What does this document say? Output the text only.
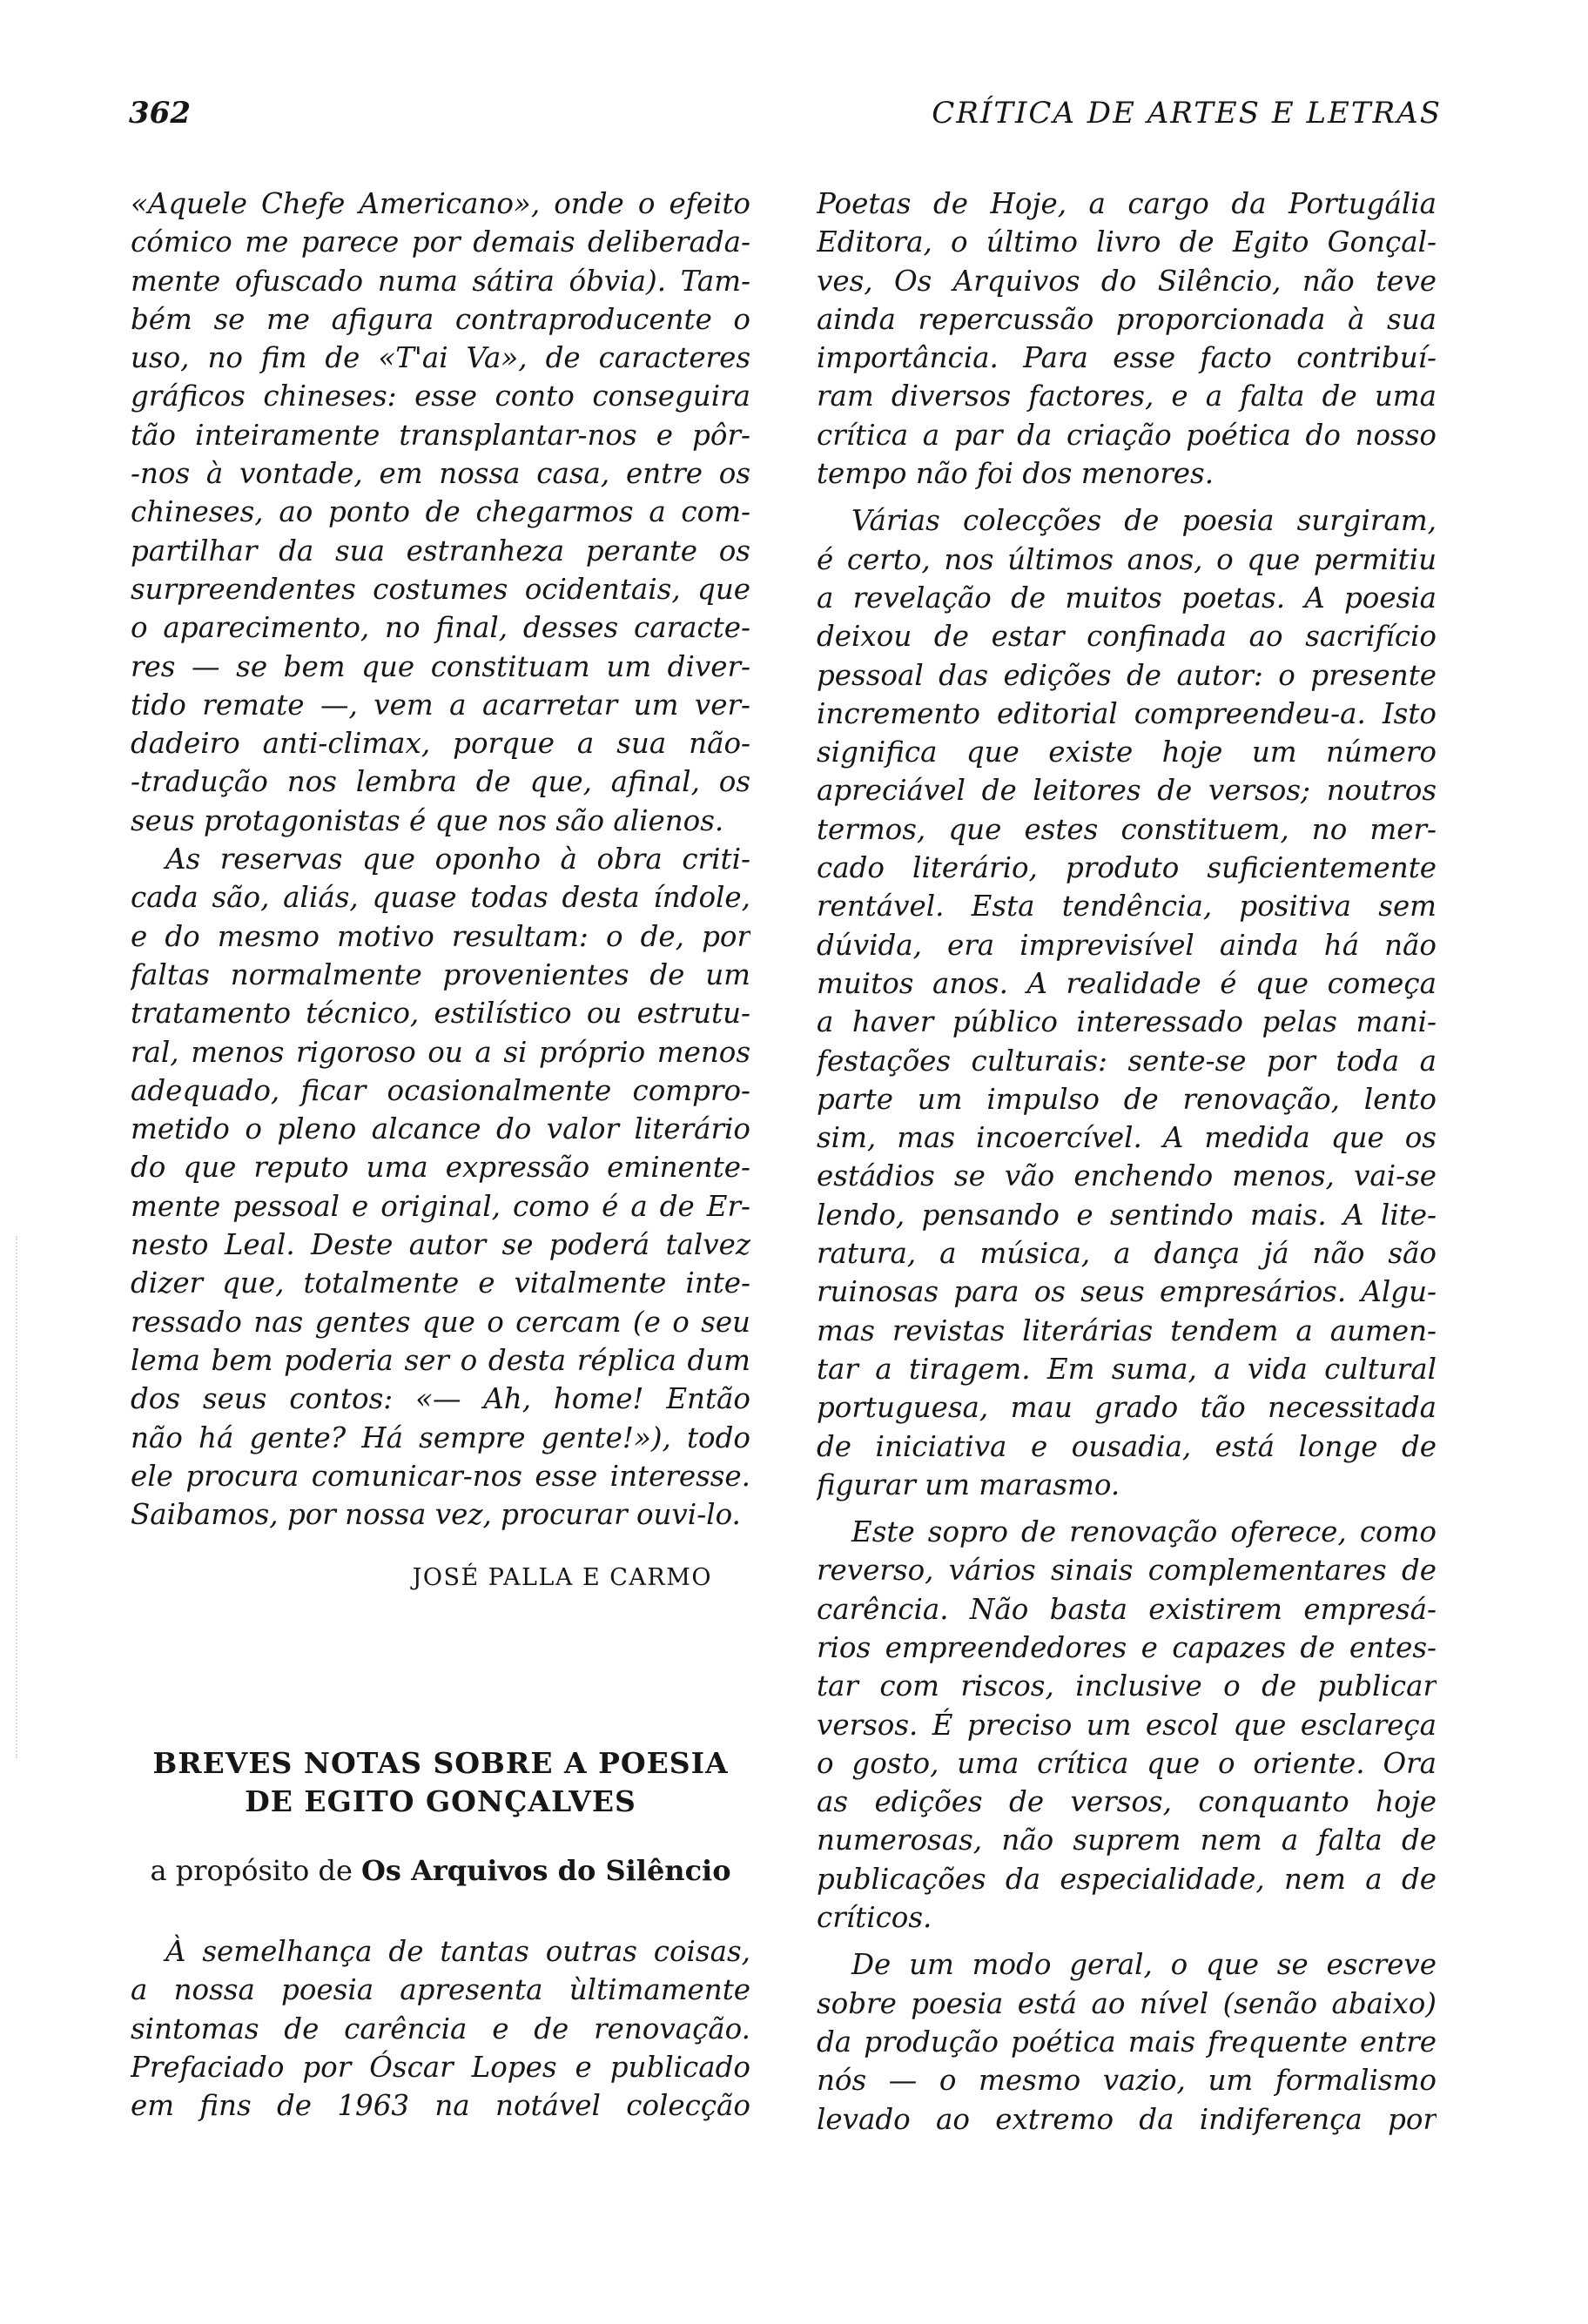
362	CRÍTICA DE ARTES E LETRAS
«Aquele Chefe Americano», onde o efeito
cómico me parece por demais deliberada-
mente ofuscado numa sátira óbvia). Tam-
bém se me afigura contraproducente o
uso, no fim de «T'ai Va», de caracteres
gráficos chineses: esse conto conseguira
tão inteiramente transplantar-nos e pôr-
-nos à vontade, em nossa casa, entre os
chineses, ao ponto de chegarmos a com-
partilhar da sua estranheza perante os
surpreendentes costumes ocidentais, que
o aparecimento, no final, desses caracte-
res — se bem que constituam um diver-
tido remate —, vem a acarretar um ver-
dadeiro anti-climax, porque a sua não-
-tradução nos lembra de que, afinal, os
seus protagonistas é que nos são alienos.
As reservas que oponho à obra criti-
cada são, aliás, quase todas desta índole,
e do mesmo motivo resultam: o de, por
faltas normalmente provenientes de um
tratamento técnico, estilístico ou estrutu-
ral, menos rigoroso ou a si próprio menos
adequado, ficar ocasionalmente compro-
metido o pleno alcance do valor literário
do que reputo uma expressão eminente-
mente pessoal e original, como é a de Er-
nesto Leal. Deste autor se poderá talvez
dizer que, totalmente e vitalmente inte-
ressado nas gentes que o cercam (e o seu
lema bem poderia ser o desta réplica dum
dos seus contos: «— Ah, home! Então
não há gente? Há sempre gente!»), todo
ele procura comunicar-nos esse interesse.
Saibamos, por nossa vez, procurar ouvi-lo.
JOSÉ PALLA E CARMO
BREVES NOTAS SOBRE A POESIA
DE EGITO GONÇALVES
a propósito de Os Arquivos do Silêncio
À semelhança de tantas outras coisas,
a nossa poesia apresenta ùltimamente
sintomas de carência e de renovação.
Prefaciado por Óscar Lopes e publicado
em fins de 1963 na notável colecção
Poetas de Hoje, a cargo da Portugália
Editora, o último livro de Egito Gonçal-
ves, Os Arquivos do Silêncio, não teve
ainda repercussão proporcionada à sua
importância. Para esse facto contribuí-
ram diversos factores, e a falta de uma
crítica a par da criação poética do nosso
tempo não foi dos menores.
Várias colecções de poesia surgiram,
é certo, nos últimos anos, o que permitiu
a revelação de muitos poetas. A poesia
deixou de estar confinada ao sacrifício
pessoal das edições de autor: o presente
incremento editorial compreendeu-a. Isto
significa que existe hoje um número
apreciável de leitores de versos; noutros
termos, que estes constituem, no mer-
cado literário, produto suficientemente
rentável. Esta tendência, positiva sem
dúvida, era imprevisível ainda há não
muitos anos. A realidade é que começa
a haver público interessado pelas mani-
festações culturais: sente-se por toda a
parte um impulso de renovação, lento
sim, mas incoercível. A medida que os
estádios se vão enchendo menos, vai-se
lendo, pensando e sentindo mais. A lite-
ratura, a música, a dança já não são
ruinosas para os seus empresários. Algu-
mas revistas literárias tendem a aumen-
tar a tiragem. Em suma, a vida cultural
portuguesa, mau grado tão necessitada
de iniciativa e ousadia, está longe de
figurar um marasmo.
Este sopro de renovação oferece, como
reverso, vários sinais complementares de
carência. Não basta existirem empresá-
rios empreendedores e capazes de entes-
tar com riscos, inclusive o de publicar
versos. É preciso um escol que esclareça
o gosto, uma crítica que o oriente. Ora
as edições de versos, conquanto hoje
numerosas, não suprem nem a falta de
publicações da especialidade, nem a de
críticos.
De um modo geral, o que se escreve
sobre poesia está ao nível (senão abaixo)
da produção poética mais frequente entre
nós — o mesmo vazio, um formalismo
levado ao extremo da indiferença por
